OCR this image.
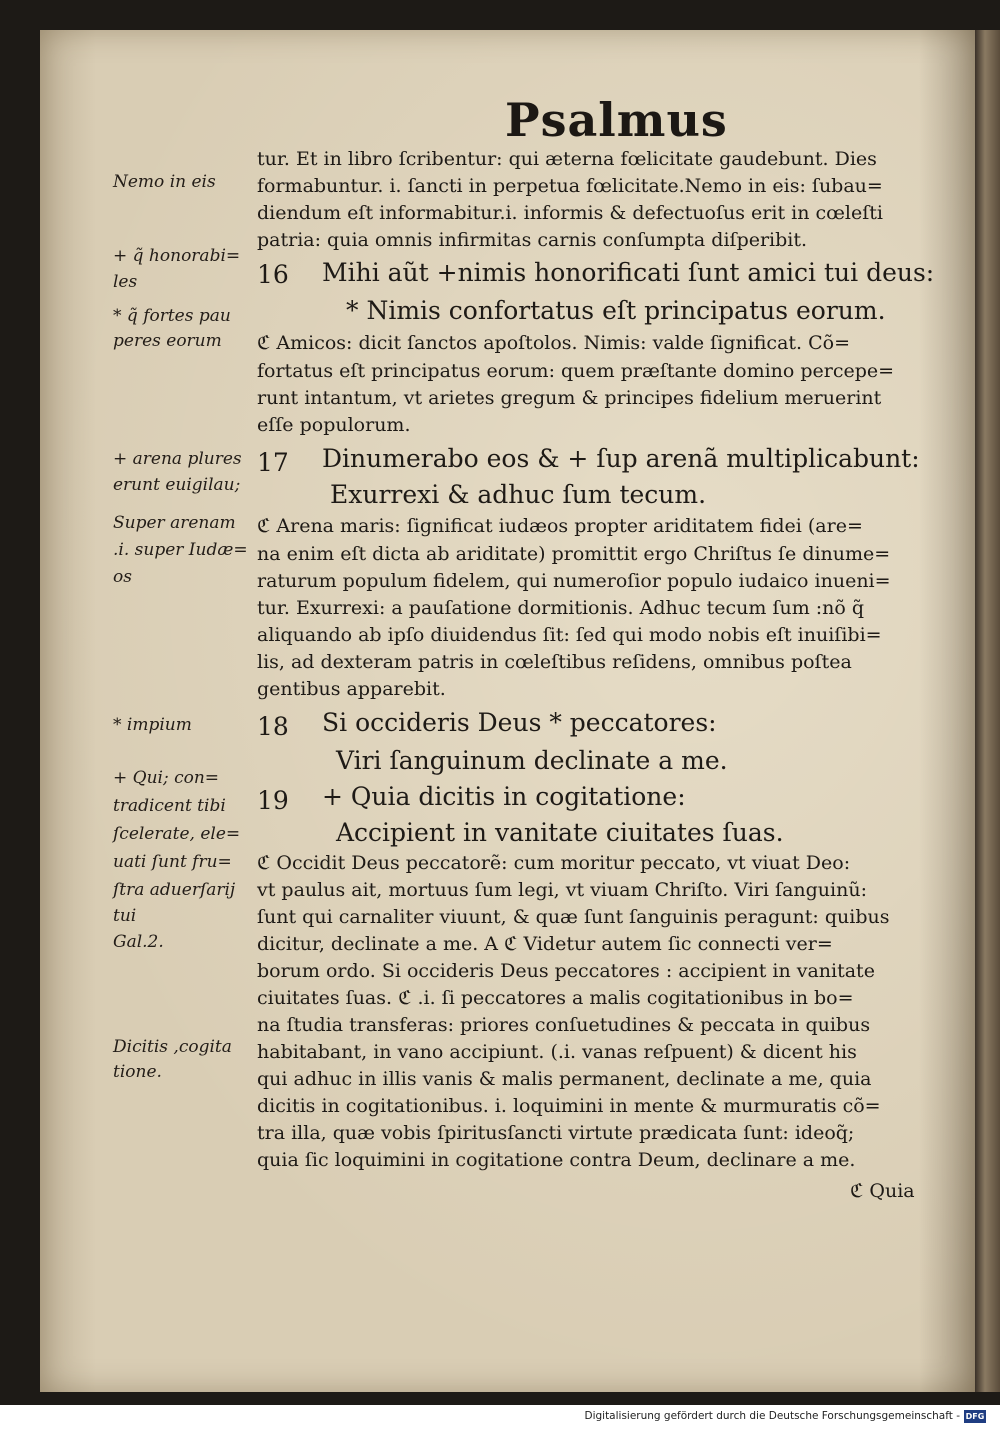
Psalmus
Nemo in eis
+ q̃ honorabi=
les
* q̃ fortes pau
peres eorum
+ arena plures
erunt euigilau;
Super arenam
.i. super Iudæ=
os
* impium
+ Qui; con=
tradicent tibi
ſcelerate, ele=
uati ſunt fru=
ſtra aduerſarij
tui
Gal.2.
Dicitis ,cogita
tione.
tur. Et in libro ſcribentur: qui æterna fœlicitate gaudebunt. Dies
formabuntur. i. ſancti in perpetua fœlicitate.Nemo in eis: ſubau=
diendum eſt informabitur.i. informis & defectuoſus erit in cœleſti
patria: quia omnis infirmitas carnis conſumpta diſperibit.
16 Mihi aũt +nimis honorificati ſunt amici tui deus:
* Nimis confortatus eſt principatus eorum.
ℭ Amicos: dicit ſanctos apoſtolos. Nimis: valde ſignificat. Cõ=
fortatus eſt principatus eorum: quem præſtante domino percepe=
runt intantum, vt arietes gregum & principes fidelium meruerint
eſſe populorum.
17 Dinumerabo eos & + ſup arenã multiplicabunt:
Exurrexi & adhuc ſum tecum.
ℭ Arena maris: ſignificat iudæos propter ariditatem fidei (are=
na enim eſt dicta ab ariditate) promittit ergo Chriſtus ſe dinume=
raturum populum fidelem, qui numeroſior populo iudaico inueni=
tur. Exurrexi: a pauſatione dormitionis. Adhuc tecum ſum :nõ q̃
aliquando ab ipſo diuidendus ſit: ſed qui modo nobis eſt inuiſibi=
lis, ad dexteram patris in cœleſtibus reſidens, omnibus poſtea
gentibus apparebit.
18 Si occideris Deus * peccatores:
Viri ſanguinum declinate a me.
19 + Quia dicitis in cogitatione:
Accipient in vanitate ciuitates ſuas.
ℭ Occidit Deus peccatorẽ: cum moritur peccato, vt viuat Deo:
vt paulus ait, mortuus ſum legi, vt viuam Chriſto. Viri ſanguinũ:
ſunt qui carnaliter viuunt, & quæ ſunt ſanguinis peragunt: quibus
dicitur, declinate a me. A ℭ Videtur autem ſic connecti ver=
borum ordo. Si occideris Deus peccatores : accipient in vanitate
ciuitates ſuas. ℭ .i. ſi peccatores a malis cogitationibus in bo=
na ſtudia transferas: priores conſuetudines & peccata in quibus
habitabant, in vano accipiunt. (.i. vanas reſpuent) & dicent his
qui adhuc in illis vanis & malis permanent, declinate a me, quia
dicitis in cogitationibus. i. loquimini in mente & murmuratis cõ=
tra illa, quæ vobis ſpiritusſancti virtute prædicata ſunt: ideoq̃;
quia ſic loquimini in cogitatione contra Deum, declinare a me.
ℭ Quia
Digitalisierung gefördert durch die Deutsche Forschungsgemeinschaft - DFG
